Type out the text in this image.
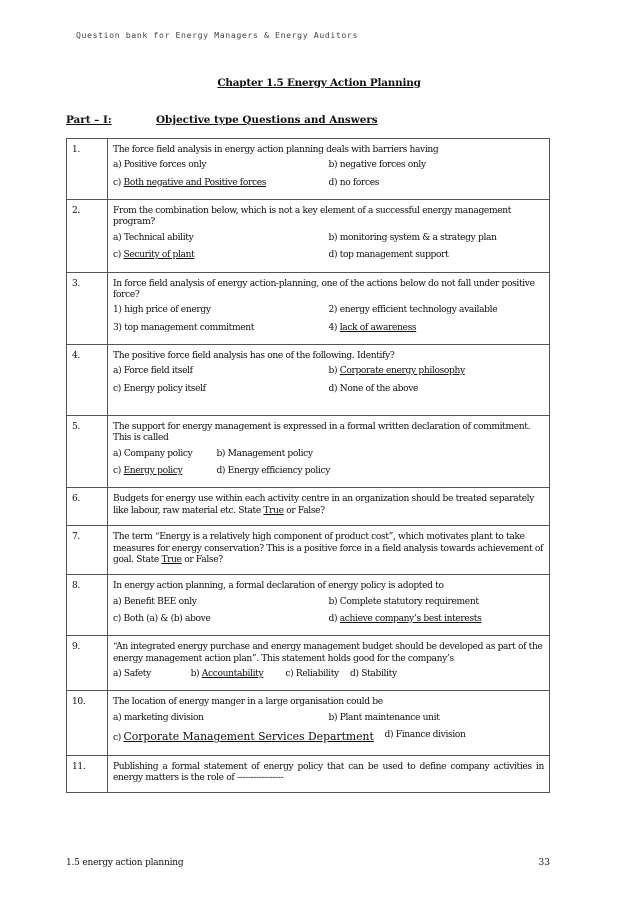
Question bank for Energy Managers & Energy Auditors
Chapter 1.5 Energy Action Planning
Part – I:	Objective type Questions and Answers
1.	The force field analysis in energy action planning deals with barriers having
a) Positive forces only b) negative forces only
c) Both negative and Positive forces d) no forces

2.	From the combination below, which is not a key element of a successful energy management program?
a) Technical ability b) monitoring system & a strategy plan
c) Security of plant d) top management support

3.	In force field analysis of energy action-planning, one of the actions below do not fall under positive force?
1) high price of energy 2) energy efficient technology available
3) top management commitment 4) lack of awareness

4.	The positive force field analysis has one of the following. Identify?
a) Force field itself b) Corporate energy philosophy
c) Energy policy itself d) None of the above

5.	The support for energy management is expressed in a formal written declaration of commitment. This is called
a) Company policy b) Management policy
c) Energy policy d) Energy efficiency policy

6.	Budgets for energy use within each activity centre in an organization should be treated separately like labour, raw material etc. State True or False?

7.	The term “Energy is a relatively high component of product cost”, which motivates plant to take measures for energy conservation? This is a positive force in a field analysis towards achievement of goal. State True or False?

8.	In energy action planning, a formal declaration of energy policy is adopted to
a) Benefit BEE only b) Complete statutory requirement
c) Both (a) & (b) above d) achieve company’s best interests

9.	“An integrated energy purchase and energy management budget should be developed as part of the energy management action plan”. This statement holds good for the company’s
a) Safety b) Accountability c) Reliability d) Stability

10.	The location of energy manger in a large organisation could be
a) marketing division b) Plant maintenance unit
c) Corporate Management Services Department d) Finance division

11.	Publishing a formal statement of energy policy that can be used to define company activities in energy matters is the role of -----------------
1.5 energy action planning	33
